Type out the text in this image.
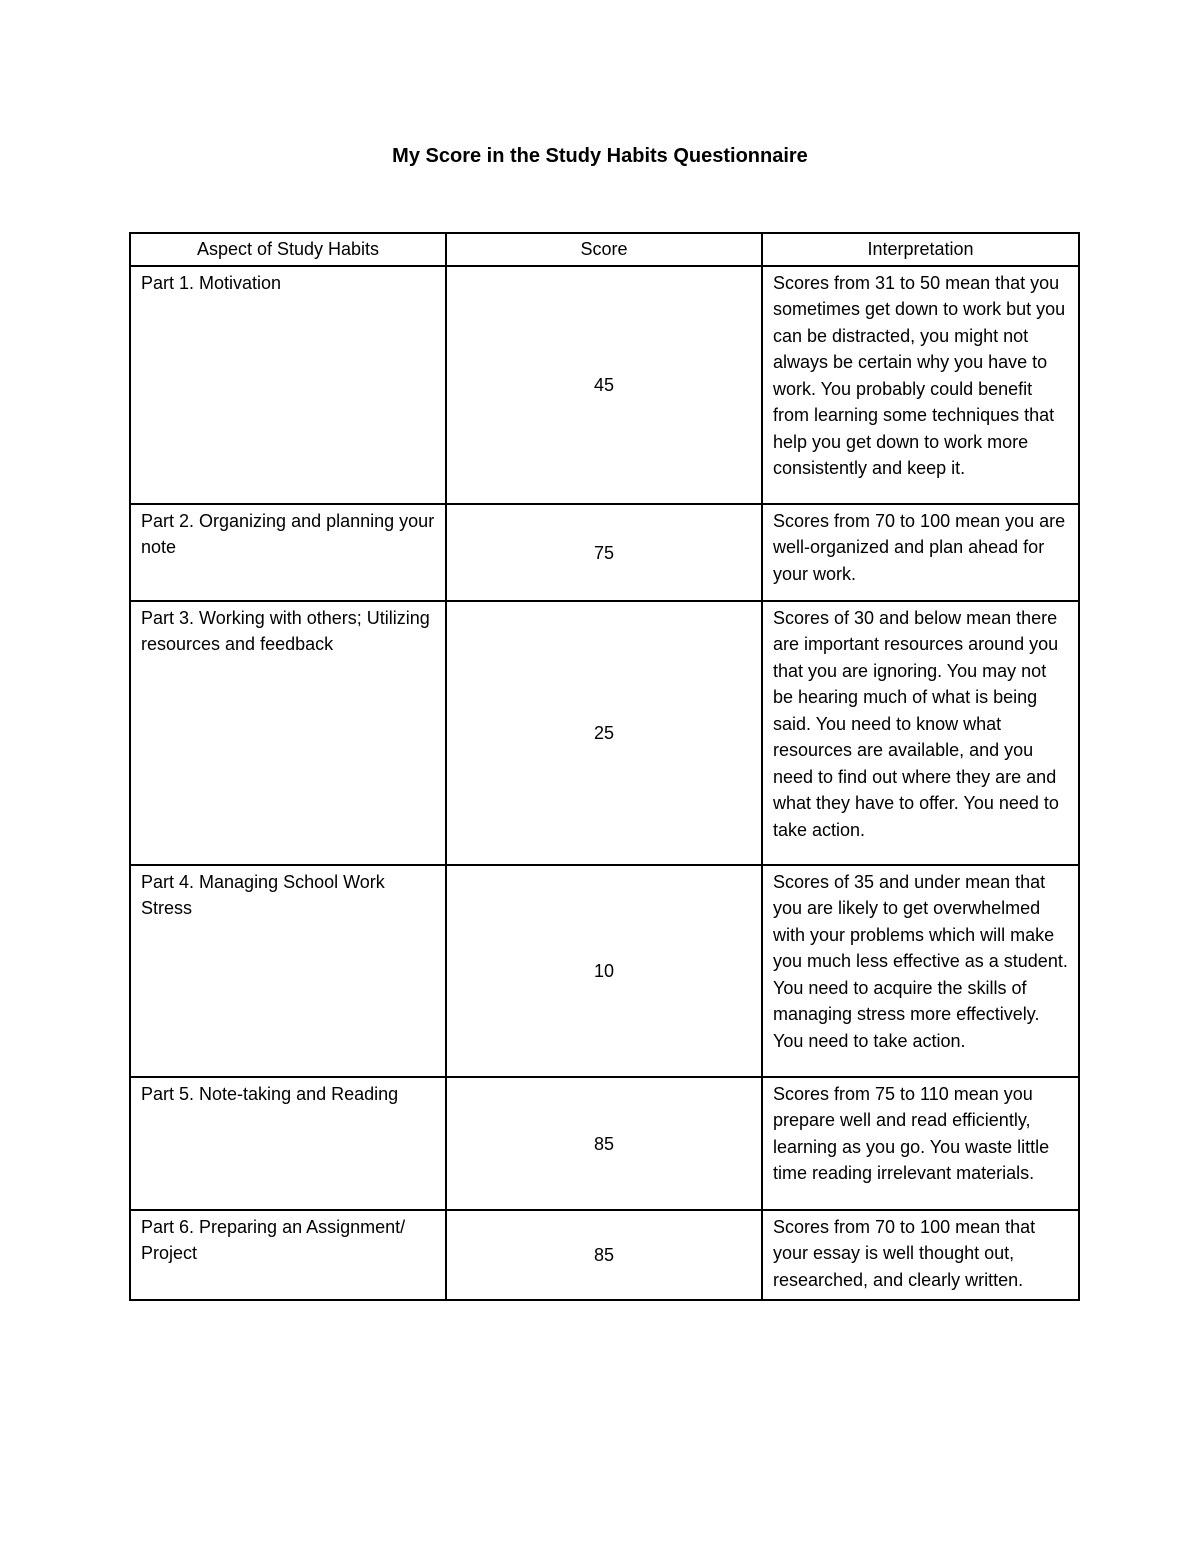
My Score in the Study Habits Questionnaire
Aspect of Study Habits	Score	Interpretation
Part 1. Motivation	45	Scores from 31 to 50 mean that you sometimes get down to work but you can be distracted, you might not always be certain why you have to work. You probably could benefit from learning some techniques that help you get down to work more consistently and keep it.
Part 2. Organizing and planning your note	75	Scores from 70 to 100 mean you are well-organized and plan ahead for your work.
Part 3. Working with others; Utilizing resources and feedback	25	Scores of 30 and below mean there are important resources around you that you are ignoring. You may not be hearing much of what is being said. You need to know what resources are available, and you need to find out where they are and what they have to offer. You need to take action.
Part 4. Managing School Work Stress	10	Scores of 35 and under mean that you are likely to get overwhelmed with your problems which will make you much less effective as a student. You need to acquire the skills of managing stress more effectively. You need to take action.
Part 5. Note-taking and Reading	85	Scores from 75 to 110 mean you prepare well and read efficiently, learning as you go. You waste little time reading irrelevant materials.
Part 6. Preparing an Assignment/ Project	85	Scores from 70 to 100 mean that your essay is well thought out, researched, and clearly written.
